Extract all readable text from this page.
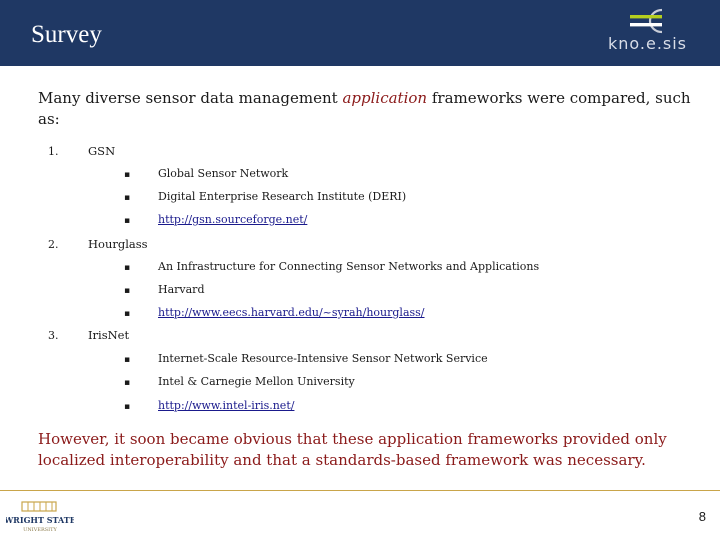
Survey	kno.e.sis
Many diverse sensor data management application frameworks were compared, such as:
1.	GSN
▪	Global Sensor Network
▪	Digital Enterprise Research Institute (DERI)
▪	http://gsn.sourceforge.net/
2.	Hourglass
▪	An Infrastructure for Connecting Sensor Networks and Applications
▪	Harvard
▪	http://www.eecs.harvard.edu/~syrah/hourglass/
3.	IrisNet
▪	Internet-Scale Resource-Intensive Sensor Network Service
▪	Intel & Carnegie Mellon University
▪	http://www.intel-iris.net/
However, it soon became obvious that these application frameworks provided only localized interoperability and that a standards-based framework was necessary.
WRIGHT STATE
UNIVERSITY
8
